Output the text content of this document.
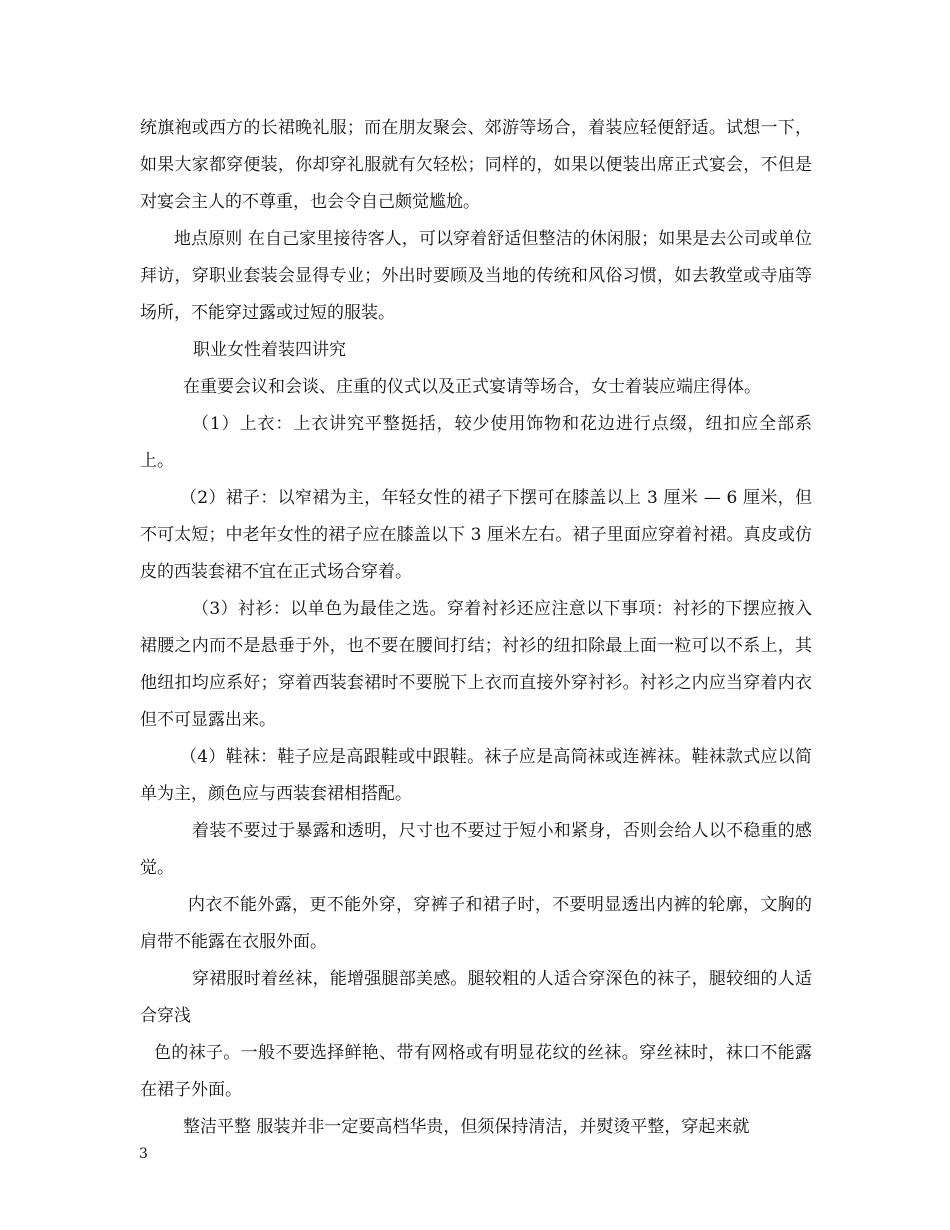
统旗袍或西方的长裙晚礼服；而在朋友聚会、郊游等场合，着装应轻便舒适。试想一下，如果大家都穿便装，你却穿礼服就有欠轻松；同样的，如果以便装出席正式宴会，不但是对宴会主人的不尊重，也会令自己颇觉尴尬。

地点原则 在自己家里接待客人，可以穿着舒适但整洁的休闲服；如果是去公司或单位拜访，穿职业套装会显得专业；外出时要顾及当地的传统和风俗习惯，如去教堂或寺庙等场所，不能穿过露或过短的服装。

职业女性着装四讲究

在重要会议和会谈、庄重的仪式以及正式宴请等场合，女士着装应端庄得体。

（1）上衣：上衣讲究平整挺括，较少使用饰物和花边进行点缀，纽扣应全部系上。

（2）裙子：以窄裙为主，年轻女性的裙子下摆可在膝盖以上 3 厘米 — 6 厘米，但不可太短；中老年女性的裙子应在膝盖以下 3 厘米左右。裙子里面应穿着衬裙。真皮或仿皮的西装套裙不宜在正式场合穿着。

（3）衬衫：以单色为最佳之选。穿着衬衫还应注意以下事项：衬衫的下摆应掖入裙腰之内而不是悬垂于外，也不要在腰间打结；衬衫的纽扣除最上面一粒可以不系上，其他纽扣均应系好；穿着西装套裙时不要脱下上衣而直接外穿衬衫。衬衫之内应当穿着内衣但不可显露出来。

（4）鞋袜：鞋子应是高跟鞋或中跟鞋。袜子应是高筒袜或连裤袜。鞋袜款式应以简单为主，颜色应与西装套裙相搭配。

着装不要过于暴露和透明，尺寸也不要过于短小和紧身，否则会给人以不稳重的感觉。

内衣不能外露，更不能外穿，穿裤子和裙子时，不要明显透出内裤的轮廓，文胸的肩带不能露在衣服外面。

穿裙服时着丝袜，能增强腿部美感。腿较粗的人适合穿深色的袜子，腿较细的人适合穿浅

色的袜子。一般不要选择鲜艳、带有网格或有明显花纹的丝袜。穿丝袜时，袜口不能露在裙子外面。

整洁平整 服装并非一定要高档华贵，但须保持清洁，并熨烫平整，穿起来就

3
